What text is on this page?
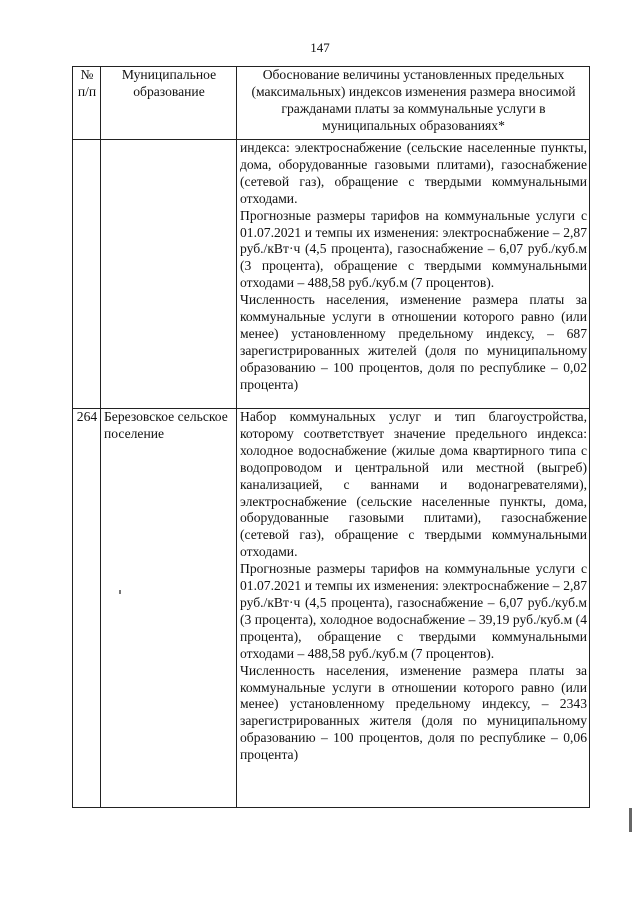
147
№ п/п	Муниципальное образование	Обоснование величины установленных предельных (максимальных) индексов изменения размера вносимой гражданами платы за коммунальные услуги в муниципальных образованиях*

		индекса: электроснабжение (сельские населенные пункты, дома, оборудованные газовыми плитами), газоснабжение (сетевой газ), обращение с твердыми коммунальными отходами.

Прогнозные размеры тарифов на коммунальные услуги с 01.07.2021 и темпы их изменения: электроснабжение – 2,87 руб./кВт·ч (4,5 процента), газоснабжение – 6,07 руб./куб.м (3 процента), обращение с твердыми коммунальными отходами – 488,58 руб./куб.м (7 процентов).

Численность населения, изменение размера платы за коммунальные услуги в отношении которого равно (или менее) установленному предельному индексу, – 687 зарегистрированных жителей (доля по муниципальному образованию – 100 процентов, доля по республике – 0,02 процента)

264	Березовское сельское поселение	Набор коммунальных услуг и тип благоустройства, которому соответствует значение предельного индекса: холодное водоснабжение (жилые дома квартирного типа с водопроводом и центральной или местной (выгреб) канализацией, с ваннами и водонагревателями), электроснабжение (сельские населенные пункты, дома, оборудованные газовыми плитами), газоснабжение (сетевой газ), обращение с твердыми коммунальными отходами.

Прогнозные размеры тарифов на коммунальные услуги с 01.07.2021 и темпы их изменения: электроснабжение – 2,87 руб./кВт·ч (4,5 процента), газоснабжение – 6,07 руб./куб.м (3 процента), холодное водоснабжение – 39,19 руб./куб.м (4 процента), обращение с твердыми коммунальными отходами – 488,58 руб./куб.м (7 процентов).

Численность населения, изменение размера платы за коммунальные услуги в отношении которого равно (или менее) установленному предельному индексу, – 2343 зарегистрированных жителя (доля по муниципальному образованию – 100 процентов, доля по республике – 0,06 процента)
